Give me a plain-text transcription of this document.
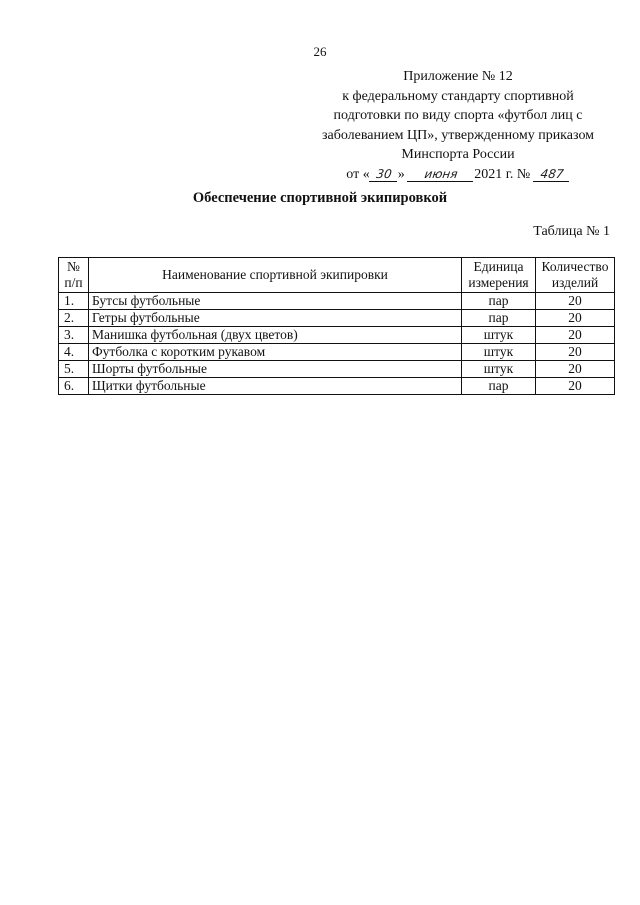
26
Приложение № 12
к федеральному стандарту спортивной
подготовки по виду спорта «футбол лиц с
заболеванием ЦП», утвержденному приказом
Минспорта России
от « 30 » июня 2021 г. № 487
Обеспечение спортивной экипировкой
Таблица № 1
№ п/п	Наименование спортивной экипировки	Единица измерения	Количество изделий
1.	Бутсы футбольные	пар	20
2.	Гетры футбольные	пар	20
3.	Манишка футбольная (двух цветов)	штук	20
4.	Футболка с коротким рукавом	штук	20
5.	Шорты футбольные	штук	20
6.	Щитки футбольные	пар	20
